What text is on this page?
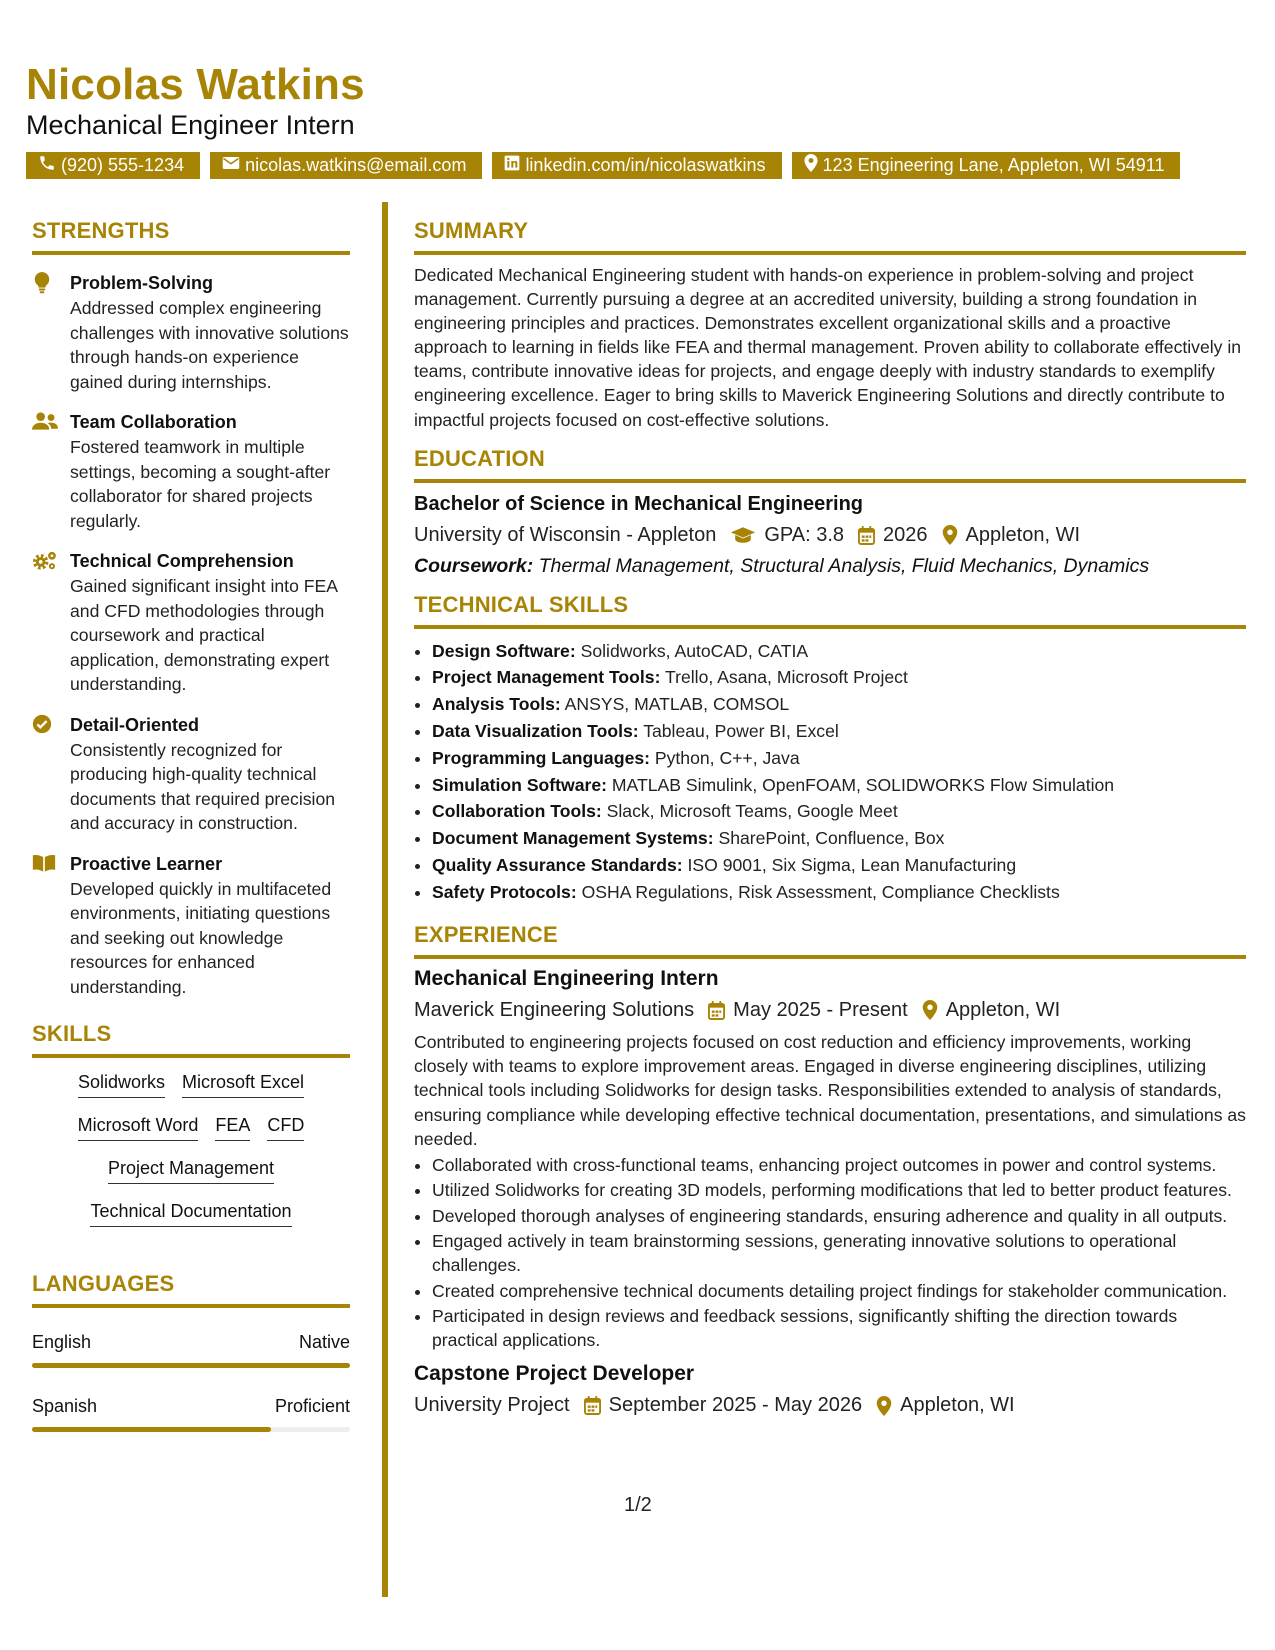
Nicolas Watkins
Mechanical Engineer Intern
(920) 555-1234	nicolas.watkins@email.com	linkedin.com/in/nicolaswatkins	123 Engineering Lane, Appleton, WI 54911
STRENGTHS
Problem-Solving
Addressed complex engineering challenges with innovative solutions through hands-on experience gained during internships.
Team Collaboration
Fostered teamwork in multiple settings, becoming a sought-after collaborator for shared projects regularly.
Technical Comprehension
Gained significant insight into FEA and CFD methodologies through coursework and practical application, demonstrating expert understanding.
Detail-Oriented
Consistently recognized for producing high-quality technical documents that required precision and accuracy in construction.
Proactive Learner
Developed quickly in multifaceted environments, initiating questions and seeking out knowledge resources for enhanced understanding.
SKILLS
Solidworks Microsoft Excel
Microsoft Word FEA CFD
Project Management
Technical Documentation
LANGUAGES
English	Native
Spanish	Proficient
SUMMARY
Dedicated Mechanical Engineering student with hands-on experience in problem-solving and project management. Currently pursuing a degree at an accredited university, building a strong foundation in engineering principles and practices. Demonstrates excellent organizational skills and a proactive approach to learning in fields like FEA and thermal management. Proven ability to collaborate effectively in teams, contribute innovative ideas for projects, and engage deeply with industry standards to exemplify engineering excellence. Eager to bring skills to Maverick Engineering Solutions and directly contribute to impactful projects focused on cost-effective solutions.
EDUCATION
Bachelor of Science in Mechanical Engineering
University of Wisconsin - Appleton GPA: 3.8 2026 Appleton, WI
Coursework: Thermal Management, Structural Analysis, Fluid Mechanics, Dynamics
TECHNICAL SKILLS
• Design Software: Solidworks, AutoCAD, CATIA
• Project Management Tools: Trello, Asana, Microsoft Project
• Analysis Tools: ANSYS, MATLAB, COMSOL
• Data Visualization Tools: Tableau, Power BI, Excel
• Programming Languages: Python, C++, Java
• Simulation Software: MATLAB Simulink, OpenFOAM, SOLIDWORKS Flow Simulation
• Collaboration Tools: Slack, Microsoft Teams, Google Meet
• Document Management Systems: SharePoint, Confluence, Box
• Quality Assurance Standards: ISO 9001, Six Sigma, Lean Manufacturing
• Safety Protocols: OSHA Regulations, Risk Assessment, Compliance Checklists
EXPERIENCE
Mechanical Engineering Intern
Maverick Engineering Solutions May 2025 - Present Appleton, WI
Contributed to engineering projects focused on cost reduction and efficiency improvements, working closely with teams to explore improvement areas. Engaged in diverse engineering disciplines, utilizing technical tools including Solidworks for design tasks. Responsibilities extended to analysis of standards, ensuring compliance while developing effective technical documentation, presentations, and simulations as needed.
• Collaborated with cross-functional teams, enhancing project outcomes in power and control systems.
• Utilized Solidworks for creating 3D models, performing modifications that led to better product features.
• Developed thorough analyses of engineering standards, ensuring adherence and quality in all outputs.
• Engaged actively in team brainstorming sessions, generating innovative solutions to operational challenges.
• Created comprehensive technical documents detailing project findings for stakeholder communication.
• Participated in design reviews and feedback sessions, significantly shifting the direction towards practical applications.
Capstone Project Developer
University Project September 2025 - May 2026 Appleton, WI
1/2
